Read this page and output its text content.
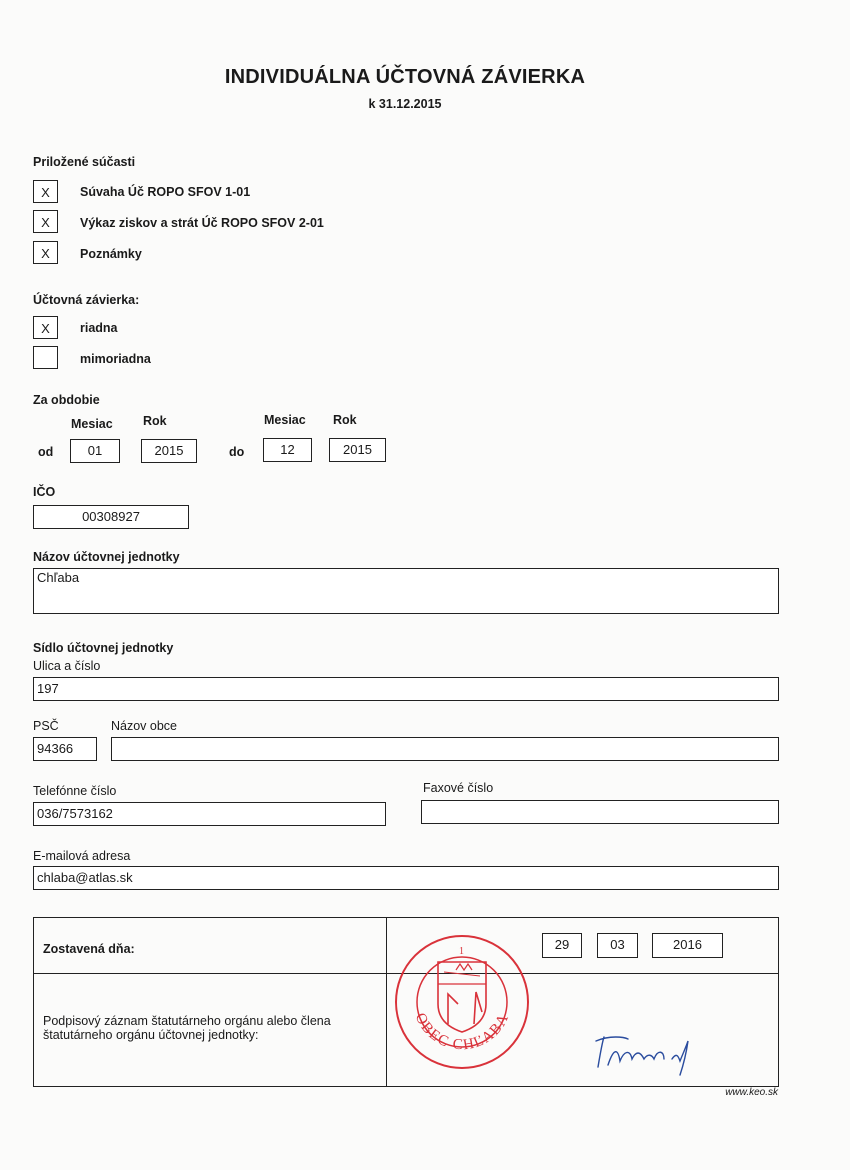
INDIVIDUÁLNA ÚČTOVNÁ ZÁVIERKA
k 31.12.2015
Priložené súčasti
X	Súvaha Úč ROPO SFOV 1-01
X	Výkaz ziskov a strát Úč ROPO SFOV 2-01
X	Poznámky
Účtovná závierka:
X	riadna
mimoriadna
Za obdobie
Mesiac Rok	Mesiac Rok
od	01	2015	do	12	2015
IČO
00308927
Názov účtovnej jednotky
Chľaba
Sídlo účtovnej jednotky
Ulica a číslo
197
PSČ	Názov obce
94366
Telefónne číslo	Faxové číslo
036/7573162
E-mailová adresa
chlaba@atlas.sk
Zostavená dňa:	29	03	2016
Podpisový záznam štatutárneho orgánu alebo člena štatutárneho orgánu účtovnej jednotky:
1
OBEC CHĽABA
www.keo.sk
